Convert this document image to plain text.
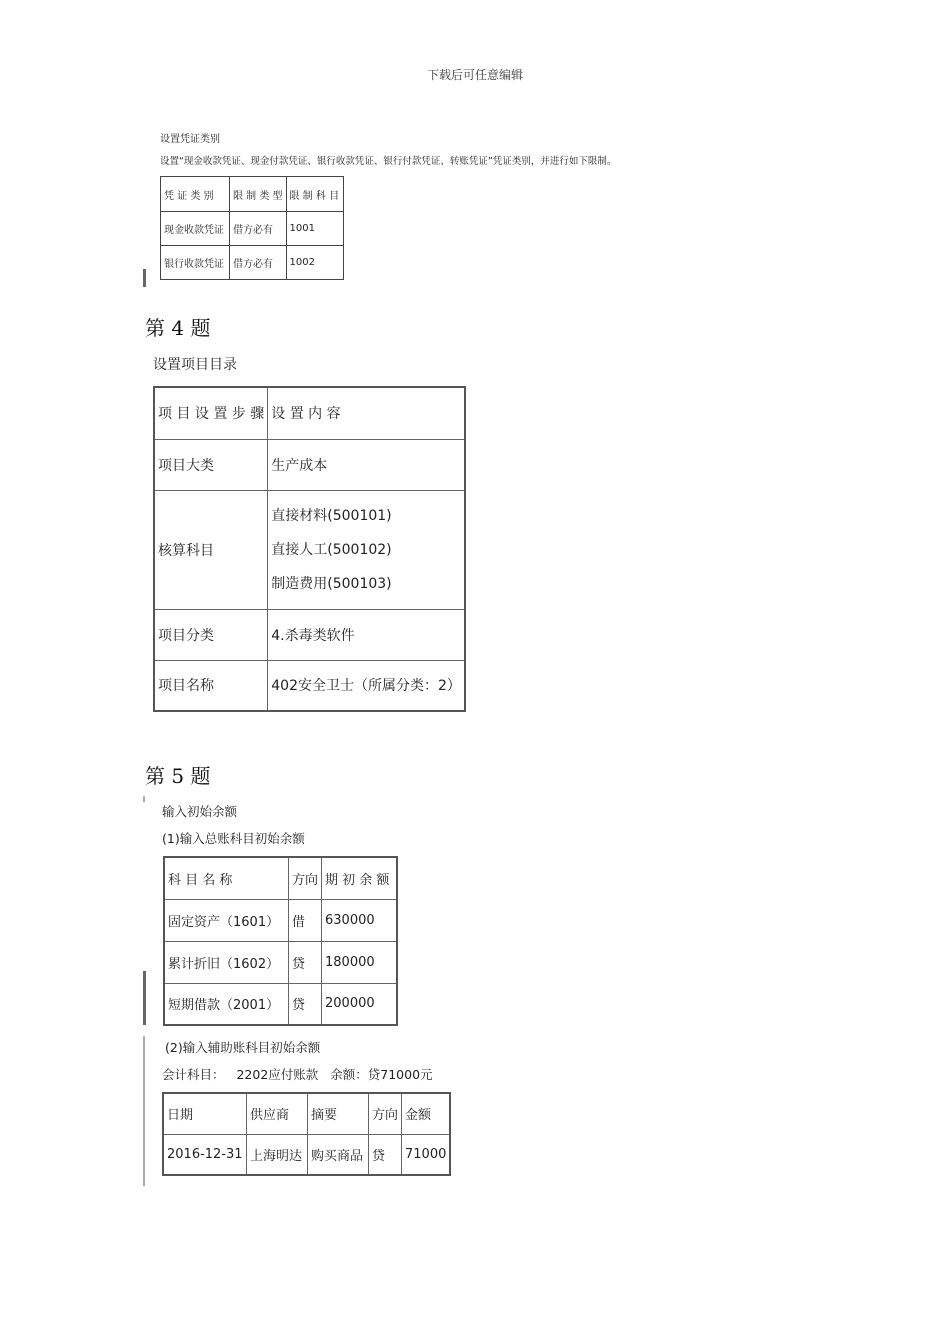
下载后可任意编辑
设置凭证类别
设置“现金收款凭证、现金付款凭证、银行收款凭证、银行付款凭证、转账凭证”凭证类别，并进行如下限制。
凭 证 类 别	限 制 类 型	限 制 科 目
现金收款凭证	借方必有	1001
银行收款凭证	借方必有	1002
第 4 题
设置项目目录
项 目 设 置 步 骤	设 置 内 容
项目大类	生产成本
核算科目	直接材料(500101)
直接人工(500102)
制造费用(500103)

项目分类	4.杀毒类软件
项目名称	402安全卫士（所属分类：2）
第 5 题
输入初始余额
(1)输入总账科目初始余额
科 目 名 称	方向	期 初 余 额
固定资产（1601）	借	630000
累计折旧（1602）	贷	180000
短期借款（2001）	贷	200000
(2)输入辅助账科目初始余额
会计科目： 2202应付账款 余额：贷71000元
日期	供应商	摘要	方向	金额
2016-12-31	上海明达	购买商品	贷	71000
